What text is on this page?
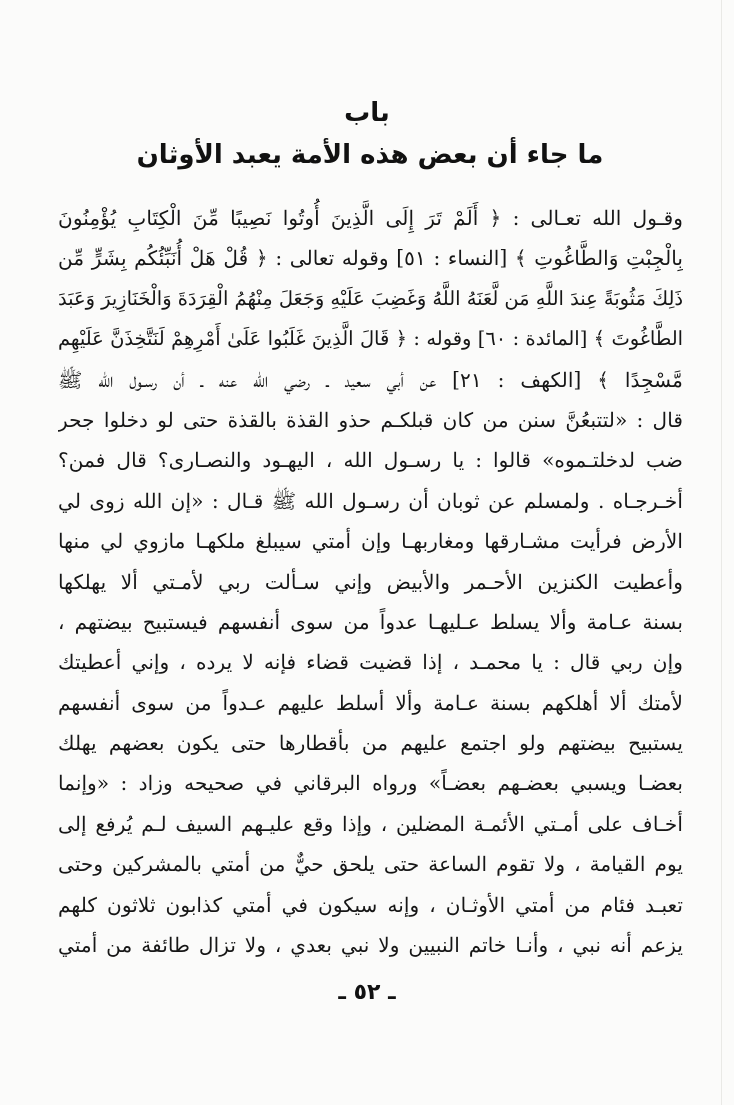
باب
ما جاء أن بعض هذه الأمة يعبد الأوثان
وقـول الله تعـالى : ﴿ أَلَمْ تَرَ إِلَى الَّذِينَ أُوتُوا نَصِيبًا مِّنَ الْكِتَابِ يُؤْمِنُونَ
بِالْجِبْتِ وَالطَّاغُوتِ ﴾ [النساء : ٥١] وقوله تعالى : ﴿ قُلْ هَلْ أُنَبِّئُكُم بِشَرٍّ مِّن
ذَلِكَ مَثُوبَةً عِندَ اللَّهِ مَن لَّعَنَهُ اللَّهُ وَغَضِبَ عَلَيْهِ وَجَعَلَ مِنْهُمُ الْقِرَدَةَ وَالْخَنَازِيرَ وَعَبَدَ
الطَّاغُوتَ ﴾ [المائدة : ٦٠] وقوله : ﴿ قَالَ الَّذِينَ غَلَبُوا عَلَىٰ أَمْرِهِمْ لَنَتَّخِذَنَّ عَلَيْهِم
مَّسْجِدًا ﴾ [الكهف : ٢١] عن أبي سعيد ـ رضي الله عنه ـ أن رسـول الله ﷺ
قال : «لتتبعُنَّ سنن من كان قبلكـم حذو القذة بالقذة حتى لو دخلوا جحر
ضب لدخلتـموه» قالوا : يا رسـول الله ، اليهـود والنصـارى؟ قال فمن؟
أخـرجـاه . ولمسلم عن ثوبان أن رسـول الله ﷺ قـال : «إن الله زوى لي
الأرض فرأيت مشـارقها ومغاربهـا وإن أمتي سيبلغ ملكهـا مازوي لي منها
وأعطيت الكنزين الأحـمر والأبيض وإني سـألت ربي لأمـتي ألا يهلكها
بسنة عـامة وألا يسلط عـليهـا عدواً من سوى أنفسهم فيستبيح بيضتهم ،
وإن ربي قال : يا محمـد ، إذا قضيت قضاء فإنه لا يرده ، وإني أعطيتك
لأمتك ألا أهلكهم بسنة عـامة وألا أسلط عليهم عـدواً من سوى أنفسهم
يستبيح بيضتهم ولو اجتمع عليهم من بأقطارها حتى يكون بعضهم يهلك
بعضـا ويسبي بعضـهم بعضـاً» ورواه البرقاني في صحيحه وزاد : «وإنما
أخـاف على أمـتي الأئمـة المضلين ، وإذا وقع عليـهم السيف لـم يُرفع إلى
يوم القيامة ، ولا تقوم الساعة حتى يلحق حيٌّ من أمتي بالمشركين وحتى
تعبـد فئام من أمتي الأوثـان ، وإنه سيكون في أمتي كذابون ثلاثون كلهم
يزعم أنه نبي ، وأنـا خاتم النبيين ولا نبي بعدي ، ولا تزال طائفة من أمتي
ـ ٥٢ ـ
